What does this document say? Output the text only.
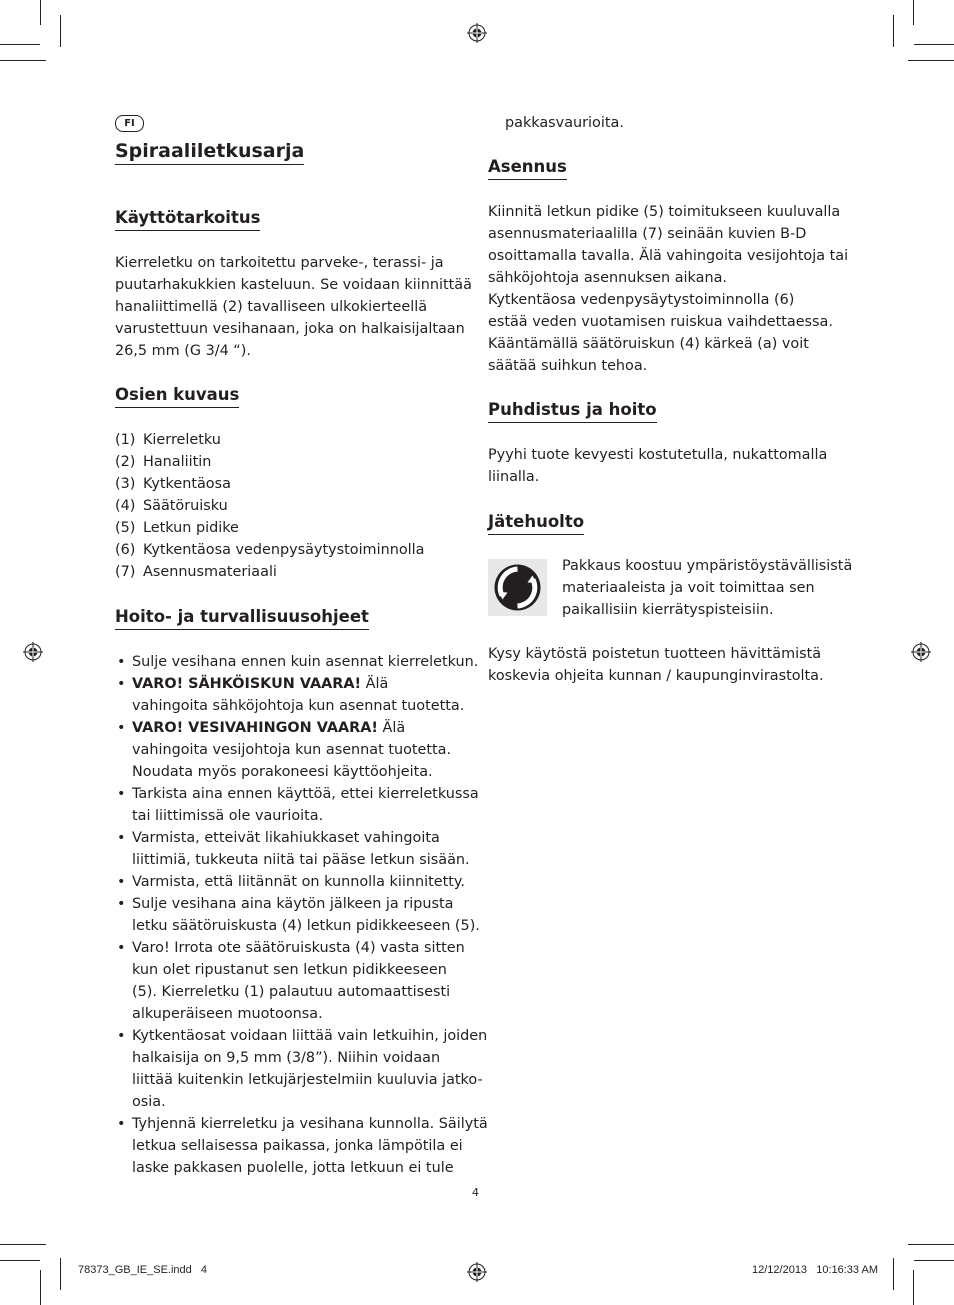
FI
Spiraaliletkusarja
Käyttötarkoitus

Kierreletku on tarkoitettu parveke-, terassi- ja
puutarhakukkien kasteluun. Se voidaan kiinnittää
hanaliittimellä (2) tavalliseen ulkokierteellä
varustettuun vesihanaan, joka on halkaisijaltaan
26,5 mm (G 3/4 “).

Osien kuvaus
(1) Kierreletku
(2) Hanaliitin
(3) Kytkentäosa
(4) Säätöruisku
(5) Letkun pidike
(6) Kytkentäosa vedenpysäytystoiminnolla
(7) Asennusmateriaali
Hoito- ja turvallisuusohjeet
• Sulje vesihana ennen kuin asennat kierreletkun.
• VARO! SÄHKÖISKUN VAARA! Älä
vahingoita sähköjohtoja kun asennat tuotetta.
• VARO! VESIVAHINGON VAARA! Älä
vahingoita vesijohtoja kun asennat tuotetta.
Noudata myös porakoneesi käyttöohjeita.
• Tarkista aina ennen käyttöä, ettei kierreletkussa
tai liittimissä ole vaurioita.
• Varmista, etteivät likahiukkaset vahingoita
liittimiä, tukkeuta niitä tai pääse letkun sisään.
• Varmista, että liitännät on kunnolla kiinnitetty.
• Sulje vesihana aina käytön jälkeen ja ripusta
letku säätöruiskusta (4) letkun pidikkeeseen (5).
• Varo! Irrota ote säätöruiskusta (4) vasta sitten
kun olet ripustanut sen letkun pidikkeeseen
(5). Kierreletku (1) palautuu automaattisesti
alkuperäiseen muotoonsa.
• Kytkentäosat voidaan liittää vain letkuihin, joiden
halkaisija on 9,5 mm (3/8”). Niihin voidaan
liittää kuitenkin letkujärjestelmiin kuuluvia jatko-
osia.
• Tyhjennä kierreletku ja vesihana kunnolla. Säilytä
letkua sellaisessa paikassa, jonka lämpötila ei
laske pakkasen puolelle, jotta letkuun ei tule
pakkasvaurioita.
Asennus

Kiinnitä letkun pidike (5) toimitukseen kuuluvalla
asennusmateriaalilla (7) seinään kuvien B-D
osoittamalla tavalla. Älä vahingoita vesijohtoja tai
sähköjohtoja asennuksen aikana.
Kytkentäosa vedenpysäytystoiminnolla (6)
estää veden vuotamisen ruiskua vaihdettaessa.
Kääntämällä säätöruiskun (4) kärkeä (a) voit
säätää suihkun tehoa.

Puhdistus ja hoito

Pyyhi tuote kevyesti kostutetulla, nukattomalla
liinalla.

Jätehuolto

Pakkaus koostuu ympäristöystävällisistä
materiaaleista ja voit toimittaa sen
paikallisiin kierrätyspisteisiin.

Kysy käytöstä poistetun tuotteen hävittämistä
koskevia ohjeita kunnan / kaupunginvirastolta.

4
78373_GB_IE_SE.indd   4	12/12/2013   10:16:33 AM
